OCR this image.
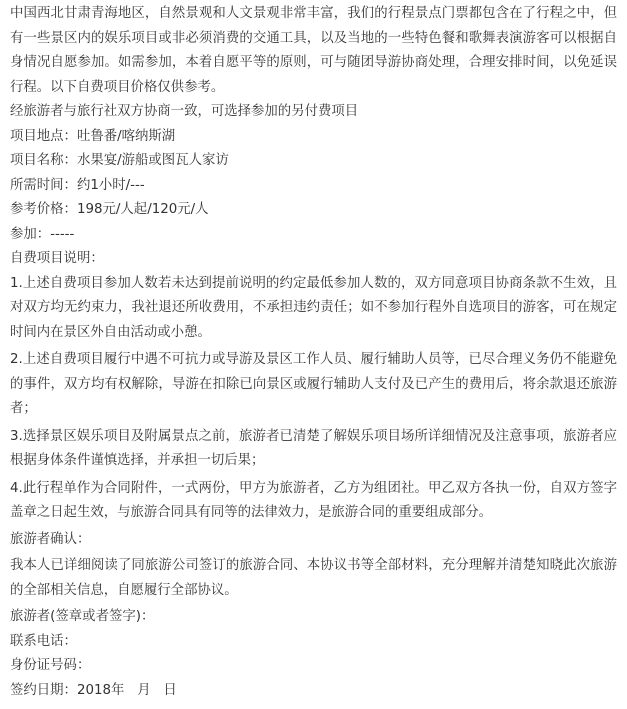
中国西北甘肃青海地区，自然景观和人文景观非常丰富，我们的行程景点门票都包含在了行程之中，但有一些景区内的娱乐项目或非必须消费的交通工具，以及当地的一些特色餐和歌舞表演游客可以根据自身情况自愿参加。如需参加，本着自愿平等的原则，可与随团导游协商处理，合理安排时间，以免延误行程。以下自费项目价格仅供参考。

经旅游者与旅行社双方协商一致，可选择参加的另付费项目

项目地点：吐鲁番/喀纳斯湖

项目名称：水果宴/游船或图瓦人家访

所需时间：约1小时/---

参考价格：198元/人起/120元/人

参加：-----

自费项目说明：

1.上述自费项目参加人数若未达到提前说明的约定最低参加人数的，双方同意项目协商条款不生效，且对双方均无约束力，我社退还所收费用，不承担违约责任；如不参加行程外自选项目的游客，可在规定时间内在景区外自由活动或小憩。

2.上述自费项目履行中遇不可抗力或导游及景区工作人员、履行辅助人员等，已尽合理义务仍不能避免的事件，双方均有权解除，导游在扣除已向景区或履行辅助人支付及已产生的费用后，将余款退还旅游者；

3.选择景区娱乐项目及附属景点之前，旅游者已清楚了解娱乐项目场所详细情况及注意事项，旅游者应根据身体条件谨慎选择，并承担一切后果；

4.此行程单作为合同附件，一式两份，甲方为旅游者，乙方为组团社。甲乙双方各执一份，自双方签字盖章之日起生效，与旅游合同具有同等的法律效力，是旅游合同的重要组成部分。

旅游者确认：

我本人已详细阅读了同旅游公司签订的旅游合同、本协议书等全部材料，充分理解并清楚知晓此次旅游的全部相关信息，自愿履行全部协议。

旅游者(签章或者签字)：

联系电话：

身份证号码：

签约日期：2018年   月   日
